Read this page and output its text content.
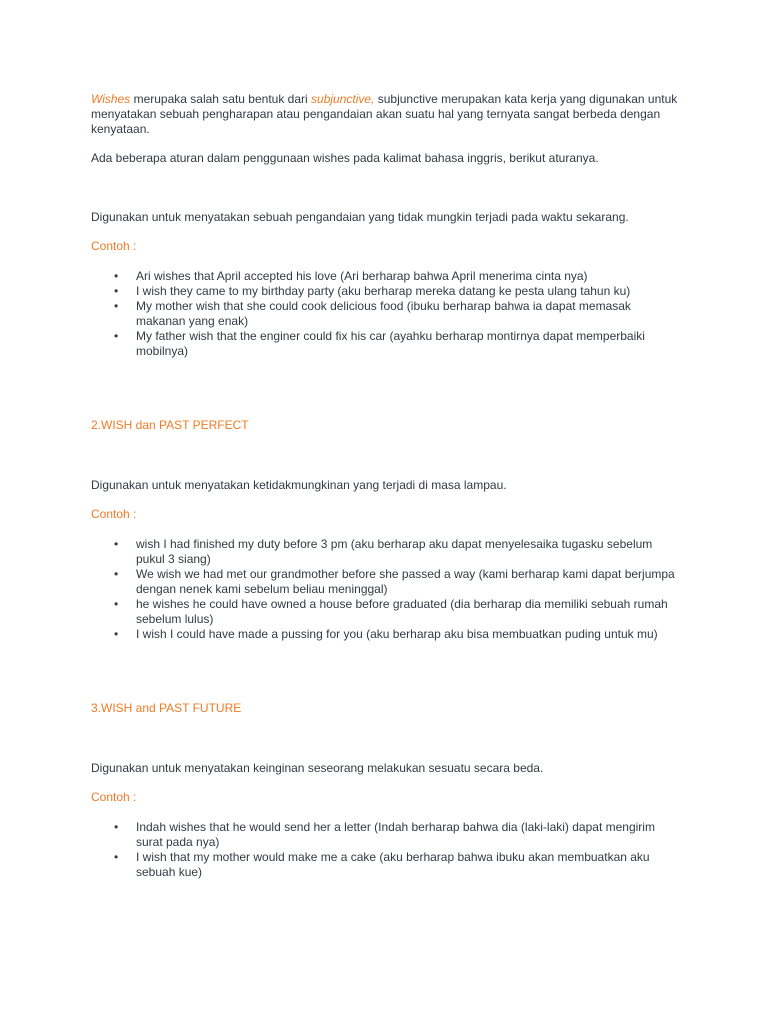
Wishes merupaka salah satu bentuk dari subjunctive, subjunctive merupakan kata kerja yang digunakan untuk menyatakan sebuah pengharapan atau pengandaian akan suatu hal yang ternyata sangat berbeda dengan kenyataan.

Ada beberapa aturan dalam penggunaan wishes pada kalimat bahasa inggris, berikut aturanya.

Digunakan untuk menyatakan sebuah pengandaian yang tidak mungkin terjadi pada waktu sekarang.

Contoh :

• Ari wishes that April accepted his love (Ari berharap bahwa April menerima cinta nya)
• I wish they came to my birthday party (aku berharap mereka datang ke pesta ulang tahun ku)
• My mother wish that she could cook delicious food (ibuku berharap bahwa ia dapat memasak makanan yang enak)
• My father wish that the enginer could fix his car (ayahku berharap montirnya dapat memperbaiki mobilnya)

2.WISH dan PAST PERFECT

Digunakan untuk menyatakan ketidakmungkinan yang terjadi di masa lampau.

Contoh :

• wish I had finished my duty before 3 pm (aku berharap aku dapat menyelesaika tugasku sebelum pukul 3 siang)
• We wish we had met our grandmother before she passed a way (kami berharap kami dapat berjumpa dengan nenek kami sebelum beliau meninggal)
• he wishes he could have owned a house before graduated (dia berharap dia memiliki sebuah rumah sebelum lulus)
• I wish I could have made a pussing for you (aku berharap aku bisa membuatkan puding untuk mu)

3.WISH and PAST FUTURE

Digunakan untuk menyatakan keinginan seseorang melakukan sesuatu secara beda.

Contoh :

• Indah wishes that he would send her a letter (Indah berharap bahwa dia (laki-laki) dapat mengirim surat pada nya)
• I wish that my mother would make me a cake (aku berharap bahwa ibuku akan membuatkan aku sebuah kue)
